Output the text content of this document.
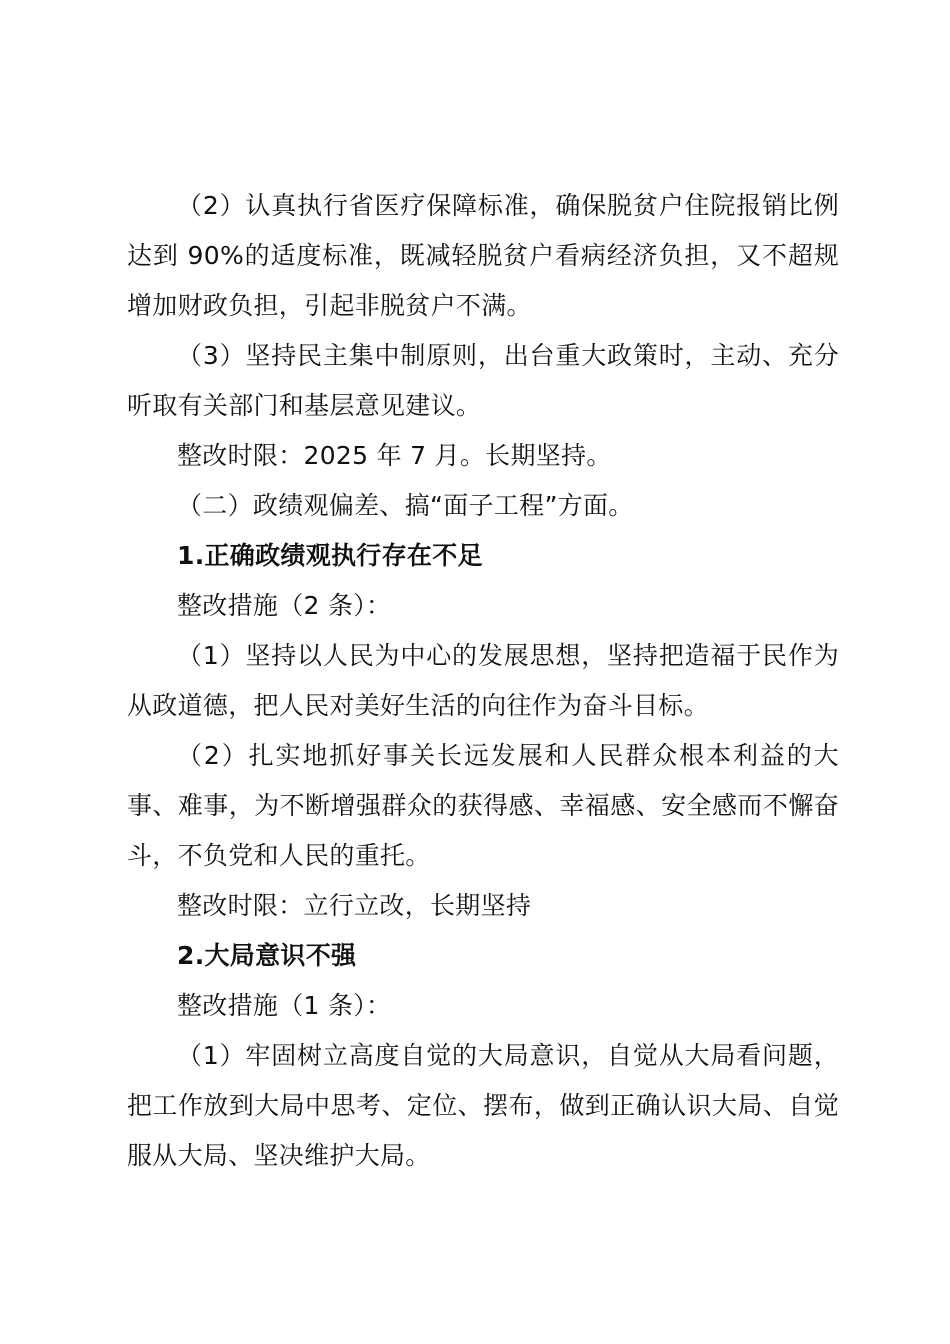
（2）认真执行省医疗保障标准，确保脱贫户住院报销比例达到 90%的适度标准，既减轻脱贫户看病经济负担，又不超规增加财政负担，引起非脱贫户不满。

（3）坚持民主集中制原则，出台重大政策时，主动、充分听取有关部门和基层意见建议。

整改时限：2025 年 7 月。长期坚持。

（二）政绩观偏差、搞“面子工程”方面。

1.正确政绩观执行存在不足

整改措施（2 条）：

（1）坚持以人民为中心的发展思想，坚持把造福于民作为从政道德，把人民对美好生活的向往作为奋斗目标。

（2）扎实地抓好事关长远发展和人民群众根本利益的大事、难事，为不断增强群众的获得感、幸福感、安全感而不懈奋斗，不负党和人民的重托。

整改时限：立行立改，长期坚持

2.大局意识不强

整改措施（1 条）：

（1）牢固树立高度自觉的大局意识，自觉从大局看问题，把工作放到大局中思考、定位、摆布，做到正确认识大局、自觉服从大局、坚决维护大局。
